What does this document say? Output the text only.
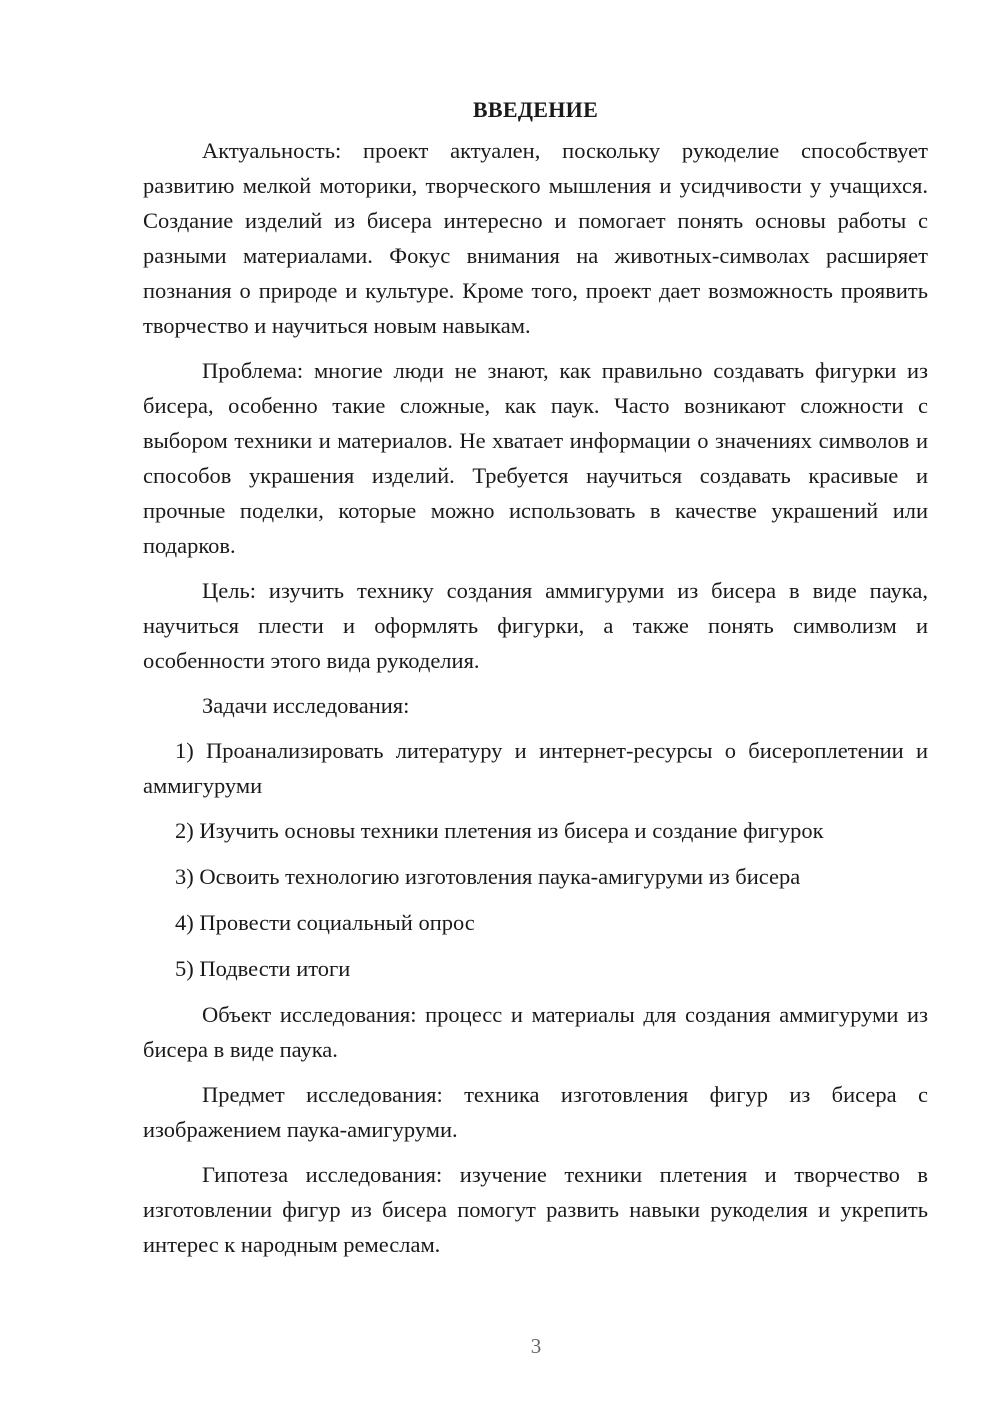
ВВЕДЕНИЕ

Актуальность: проект актуален, поскольку рукоделие способствует развитию мелкой моторики, творческого мышления и усидчивости у учащихся. Создание изделий из бисера интересно и помогает понять основы работы с разными материалами. Фокус внимания на животных-символах расширяет познания о природе и культуре. Кроме того, проект дает возможность проявить творчество и научиться новым навыкам.

Проблема: многие люди не знают, как правильно создавать фигурки из бисера, особенно такие сложные, как паук. Часто возникают сложности с выбором техники и материалов. Не хватает информации о значениях символов и способов украшения изделий. Требуется научиться создавать красивые и прочные поделки, которые можно использовать в качестве украшений или подарков.

Цель: изучить технику создания аммигуруми из бисера в виде паука, научиться плести и оформлять фигурки, а также понять символизм и особенности этого вида рукоделия.

Задачи исследования:

1) Проанализировать литературу и интернет-ресурсы о бисероплетении и аммигуруми

2) Изучить основы техники плетения из бисера и создание фигурок

3) Освоить технологию изготовления паука-амигуруми из бисера

4) Провести социальный опрос

5) Подвести итоги

Объект исследования: процесс и материалы для создания аммигуруми из бисера в виде паука.

Предмет исследования: техника изготовления фигур из бисера с изображением паука-амигуруми.

Гипотеза исследования: изучение техники плетения и творчество в изготовлении фигур из бисера помогут развить навыки рукоделия и укрепить интерес к народным ремеслам.

3
